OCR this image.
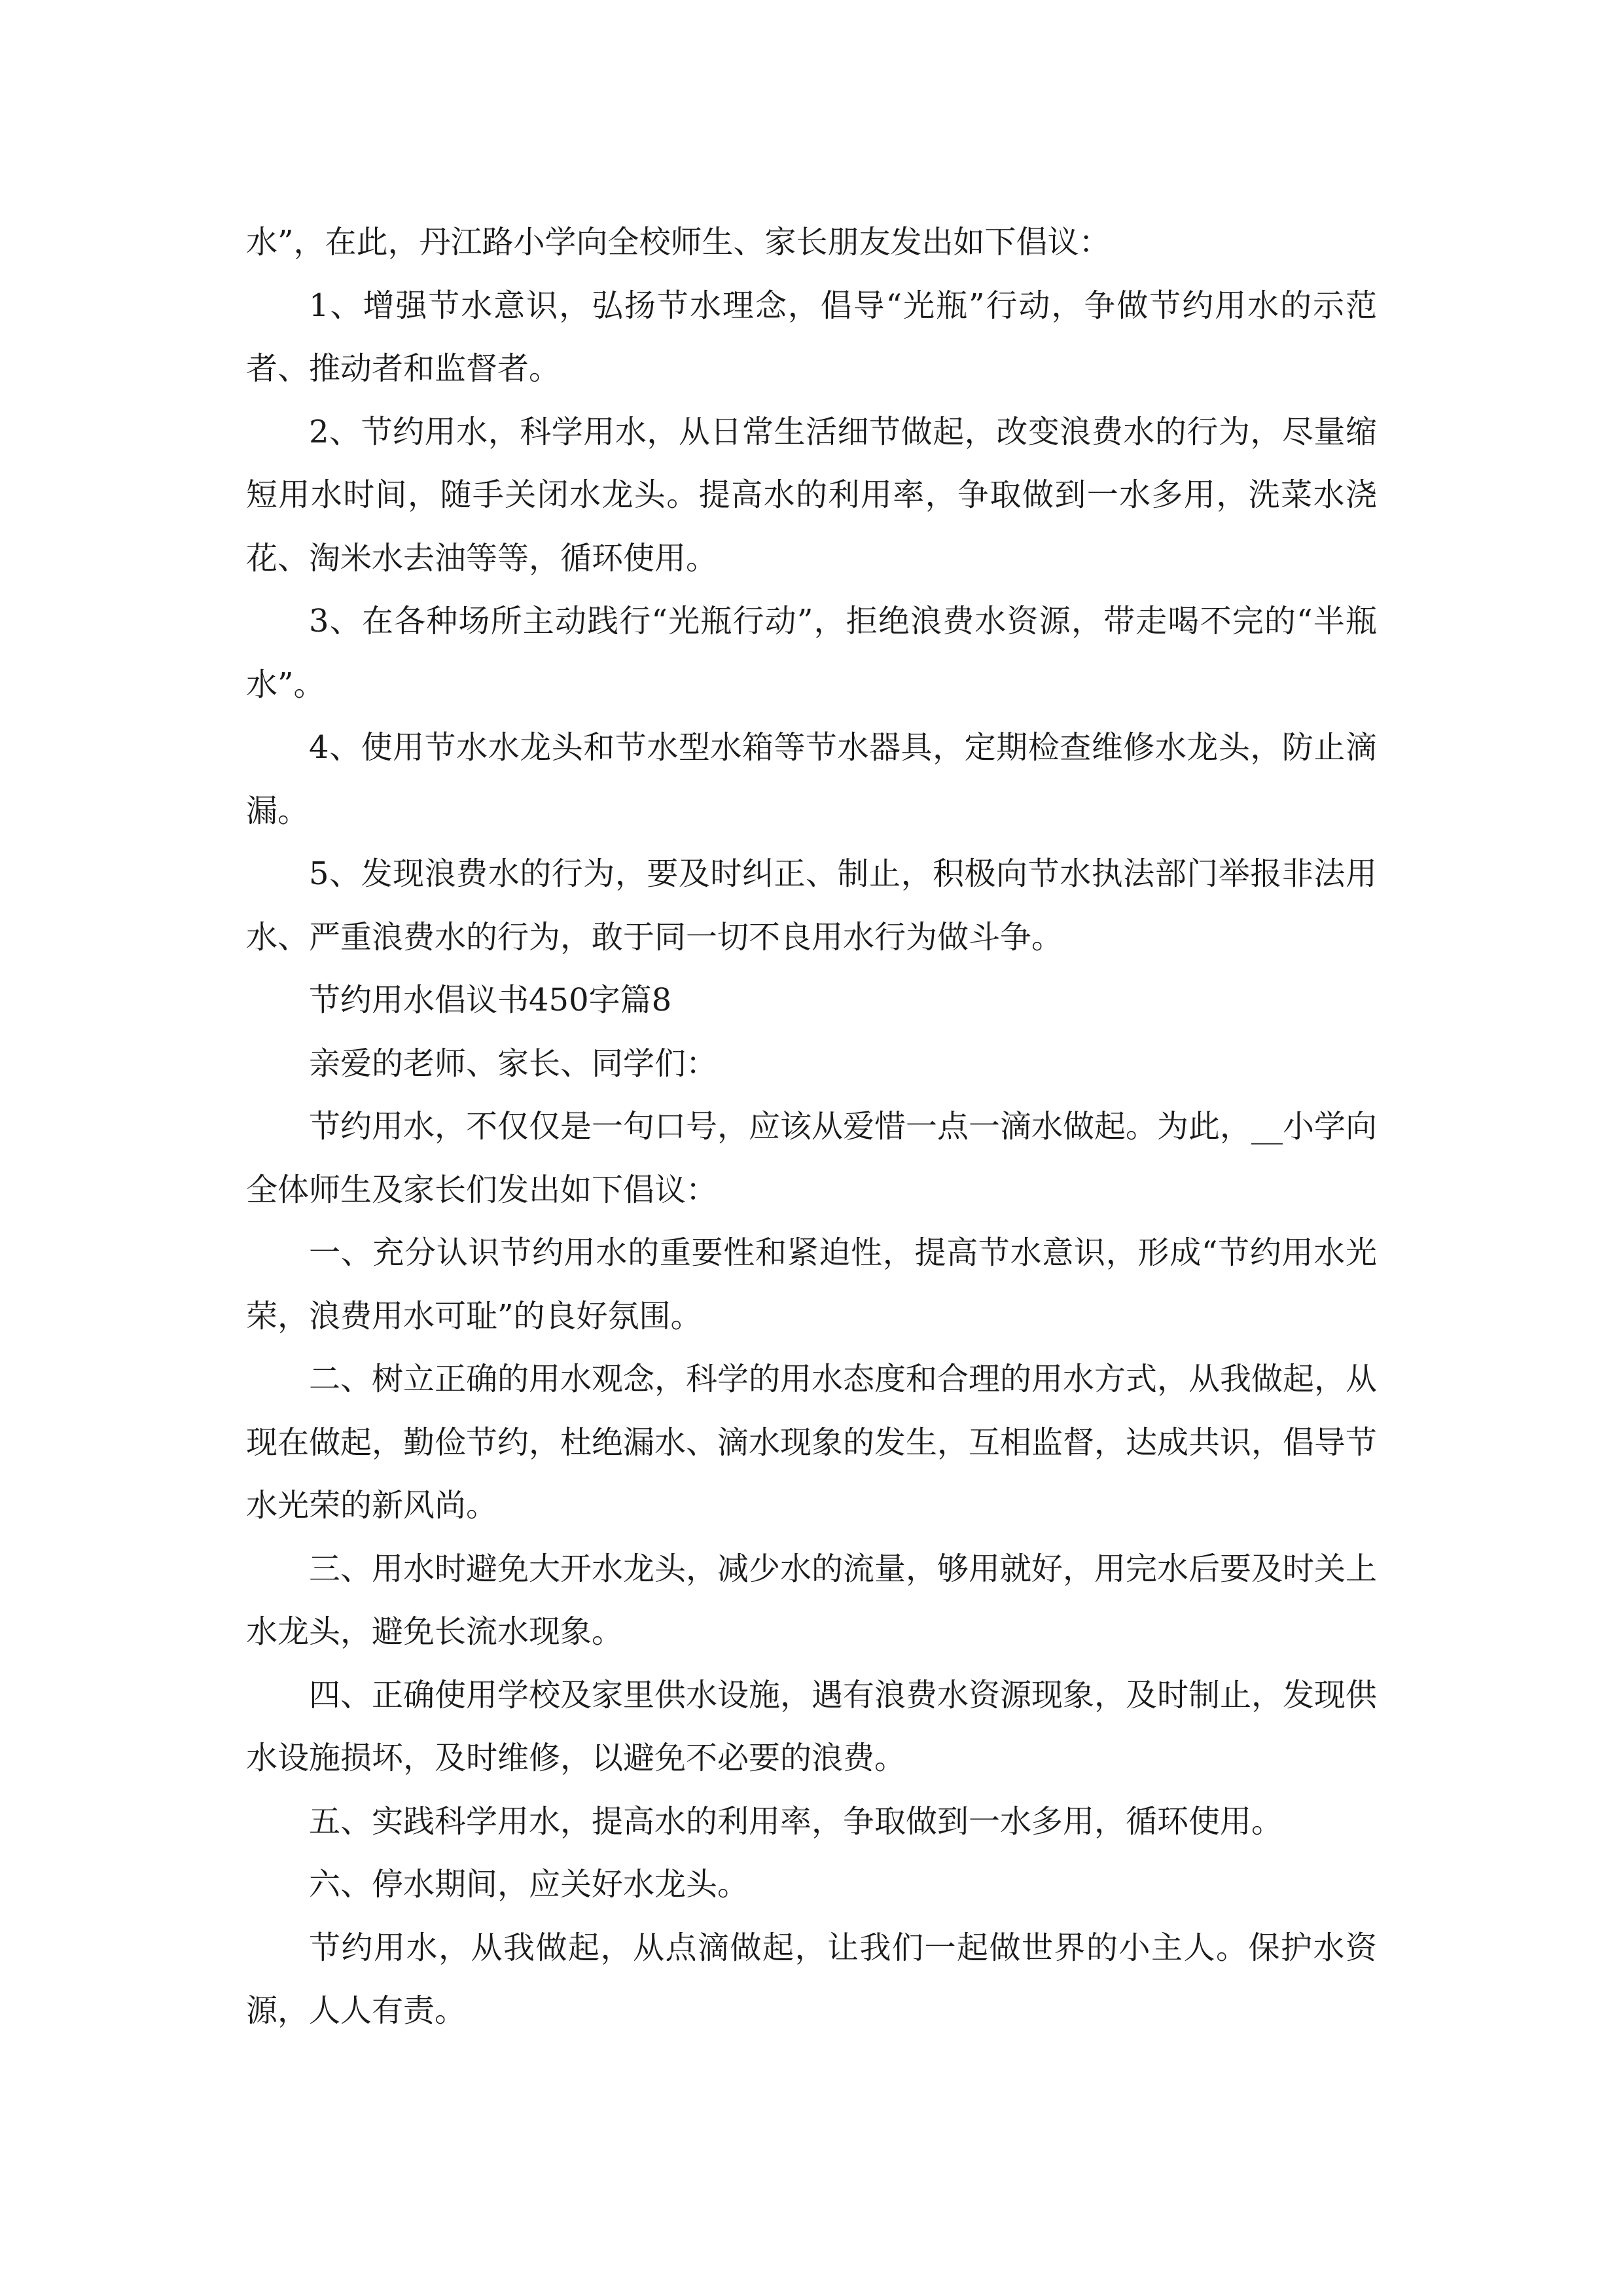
水”，在此，丹江路小学向全校师生、家长朋友发出如下倡议：

1、增强节水意识，弘扬节水理念，倡导“光瓶”行动，争做节约用水的示范者、推动者和监督者。

2、节约用水，科学用水，从日常生活细节做起，改变浪费水的行为，尽量缩短用水时间，随手关闭水龙头。提高水的利用率，争取做到一水多用，洗菜水浇花、淘米水去油等等，循环使用。

3、在各种场所主动践行“光瓶行动”，拒绝浪费水资源，带走喝不完的“半瓶水”。

4、使用节水水龙头和节水型水箱等节水器具，定期检查维修水龙头，防止滴漏。

5、发现浪费水的行为，要及时纠正、制止，积极向节水执法部门举报非法用水、严重浪费水的行为，敢于同一切不良用水行为做斗争。

节约用水倡议书450字篇8

亲爱的老师、家长、同学们：

节约用水，不仅仅是一句口号，应该从爱惜一点一滴水做起。为此，__小学向全体师生及家长们发出如下倡议：

一、充分认识节约用水的重要性和紧迫性，提高节水意识，形成“节约用水光荣，浪费用水可耻”的良好氛围。

二、树立正确的用水观念，科学的用水态度和合理的用水方式，从我做起，从现在做起，勤俭节约，杜绝漏水、滴水现象的发生，互相监督，达成共识，倡导节水光荣的新风尚。

三、用水时避免大开水龙头，减少水的流量，够用就好，用完水后要及时关上水龙头，避免长流水现象。

四、正确使用学校及家里供水设施，遇有浪费水资源现象，及时制止，发现供水设施损坏，及时维修，以避免不必要的浪费。

五、实践科学用水，提高水的利用率，争取做到一水多用，循环使用。

六、停水期间，应关好水龙头。

节约用水，从我做起，从点滴做起，让我们一起做世界的小主人。保护水资源，人人有责。
